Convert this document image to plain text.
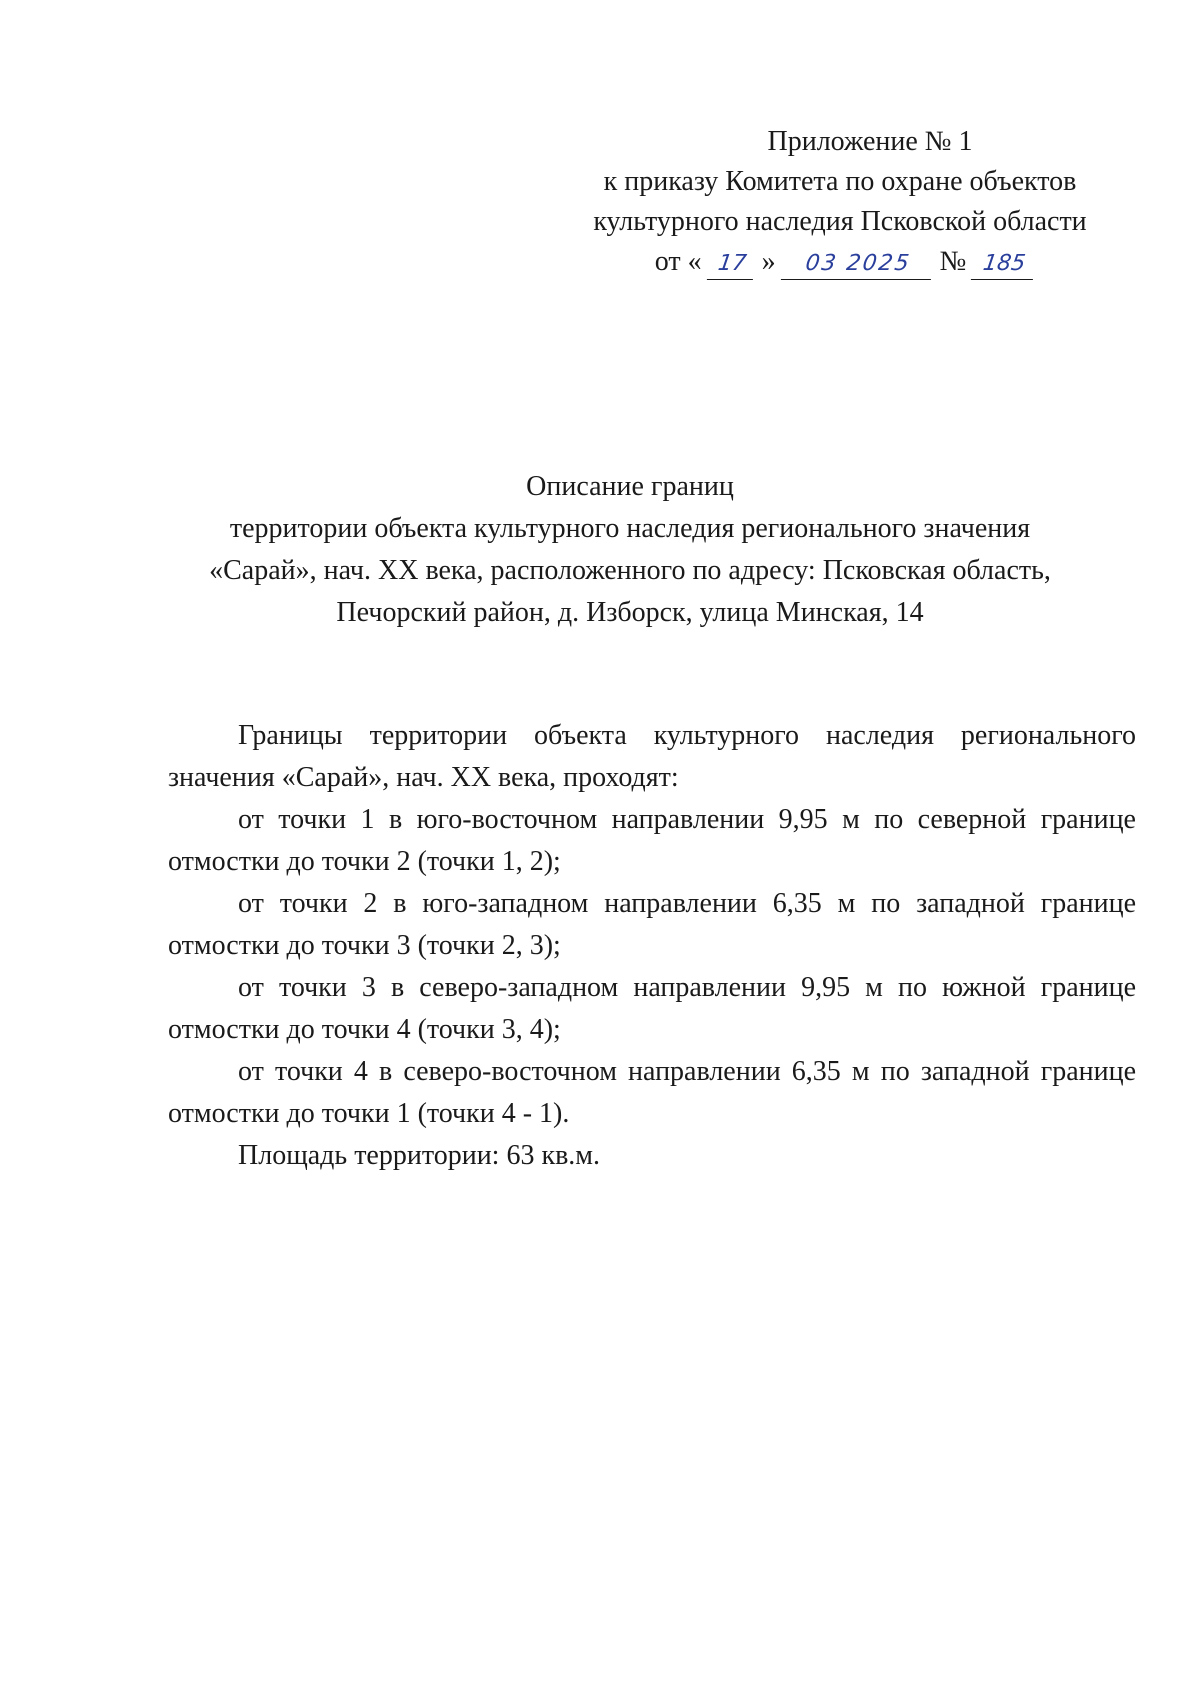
Приложение № 1
к приказу Комитета по охране объектов
культурного наследия Псковской области
от « 17 » 03 2025 № 185
Описание границ
территории объекта культурного наследия регионального значения
«Сарай», нач. ХХ века, расположенного по адресу: Псковская область,
Печорский район, д. Изборск, улица Минская, 14

Границы территории объекта культурного наследия регионального значения «Сарай», нач. ХХ века, проходят:

от точки 1 в юго-восточном направлении 9,95 м по северной границе отмостки до точки 2 (точки 1, 2);

от точки 2 в юго-западном направлении 6,35 м по западной границе отмостки до точки 3 (точки 2, 3);

от точки 3 в северо-западном направлении 9,95 м по южной границе отмостки до точки 4 (точки 3, 4);

от точки 4 в северо-восточном направлении 6,35 м по западной границе отмостки до точки 1 (точки 4 - 1).

Площадь территории: 63 кв.м.
